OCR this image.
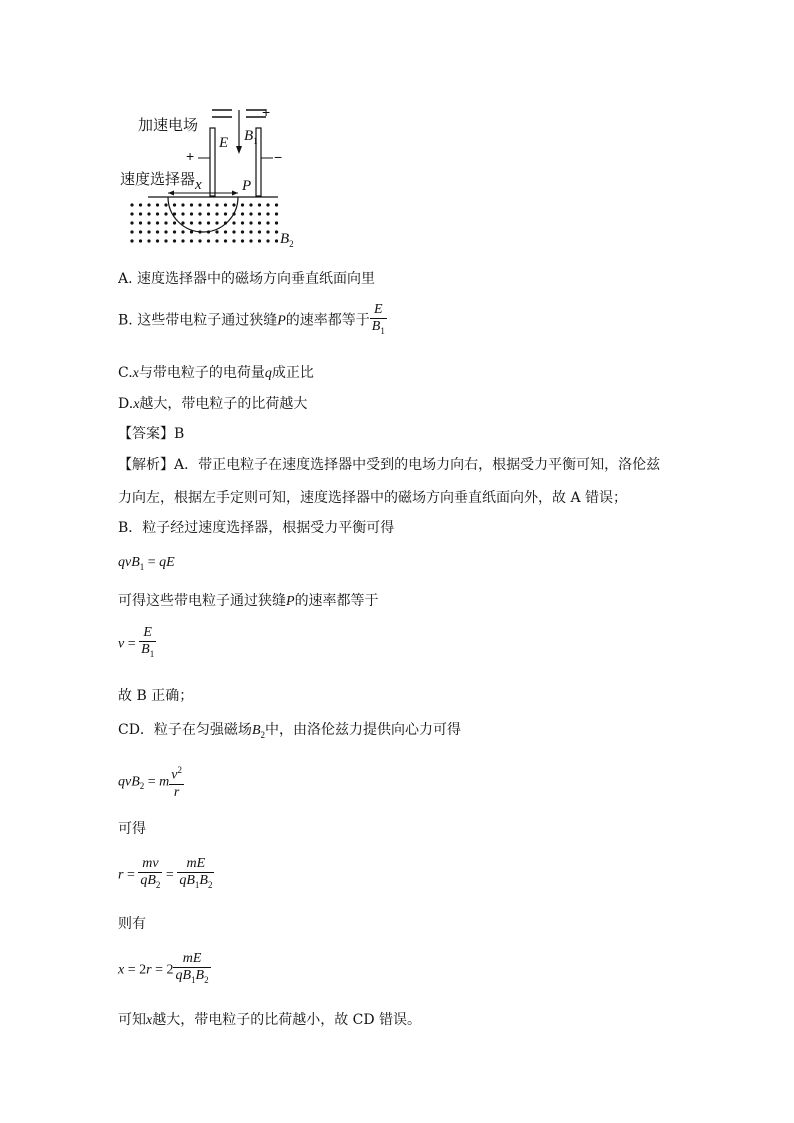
加速电场
速度选择器
E $B_1$
P
x
$B_2$
+
+	−
A. 速度选择器中的磁场方向垂直纸面向里
B. 这些带电粒子通过狭缝P的速率都等于 $\frac{E}{B_1}$
C.x与带电粒子的电荷量q成正比
D.x越大，带电粒子的比荷越大
【答案】B
【解析】A．带正电粒子在速度选择器中受到的电场力向右，根据受力平衡可知，洛伦兹
力向左，根据左手定则可知，速度选择器中的磁场方向垂直纸面向外，故 A 错误；
B．粒子经过速度选择器，根据受力平衡可得
qvB$_1$ = qE
可得这些带电粒子通过狭缝P的速率都等于
$v = \frac{E}{B_1}$
故 B 正确；
CD．粒子在匀强磁场$B_2$中，由洛伦兹力提供向心力可得
qvB$_2$ = m $\frac{v^2}{r}$
可得
$r = \frac{mv}{qB_2} = \frac{mE}{qB_1B_2}$
则有
$x = 2r = 2 \frac{mE}{qB_1B_2}$
可知x越大，带电粒子的比荷越小，故 CD 错误。
